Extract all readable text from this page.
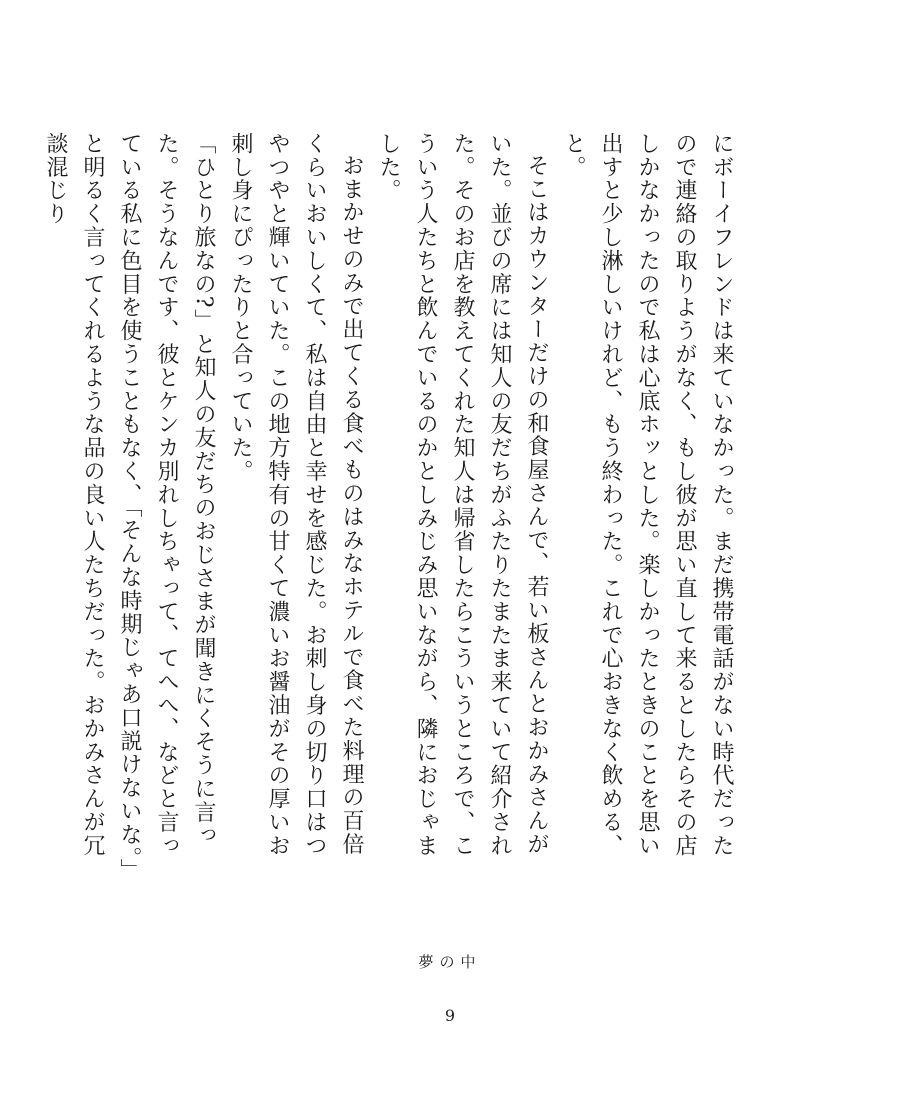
にボーイフレンドは来ていなかった。まだ携帯電話がない時代だったので連絡の取りようがなく、もし彼が思い直して来るとしたらその店しかなかったので私は心底ホッとした。楽しかったときのことを思い出すと少し淋しいけれど、もう終わった。これで心おきなく飲める、と。

そこはカウンターだけの和食屋さんで、若い板さんとおかみさんがいた。並びの席には知人の友だちがふたりたまたま来ていて紹介された。そのお店を教えてくれた知人は帰省したらこういうところで、こういう人たちと飲んでいるのかとしみじみ思いながら、隣におじゃました。

おまかせのみで出てくる食べものはみなホテルで食べた料理の百倍くらいおいしくて、私は自由と幸せを感じた。お刺し身の切り口はつやつやと輝いていた。この地方特有の甘くて濃いお醤油がその厚いお刺し身にぴったりと合っていた。

「ひとり旅なの?」と知人の友だちのおじさまが聞きにくそうに言った。そうなんです、彼とケンカ別れしちゃって、てへへ、などと言っている私に色目を使うこともなく、「そんな時期じゃあ口説けないな。」と明るく言ってくれるような品の良い人たちだった。おかみさんが冗談混じり

夢の中
9
